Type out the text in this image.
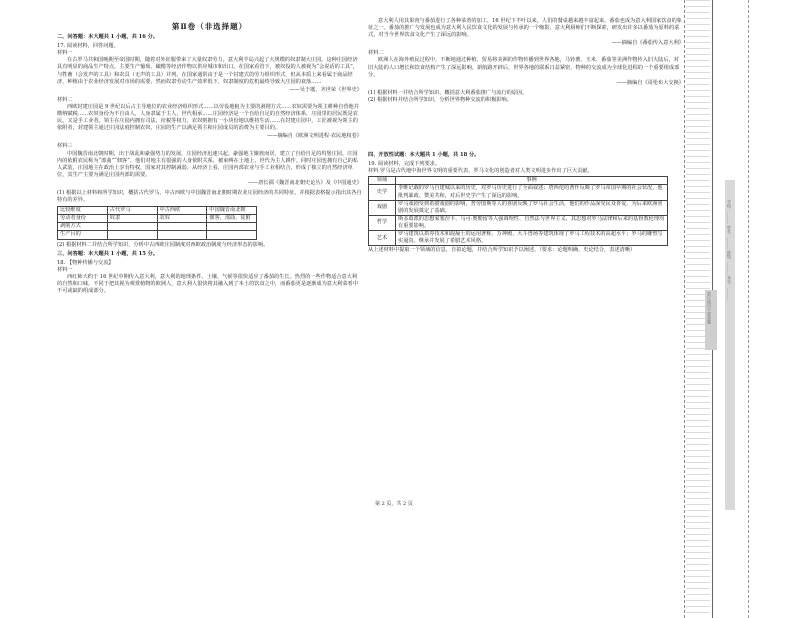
第Ⅱ卷（非选择题）
二、问答题：本大题共 1 小题，共 16 分。
17. 阅读材料，回答问题。
材料一
在古罗马共和国晚期至帝国时期，随着对外征服带来了大量奴隶劳力，意大利半岛兴起了大规模的奴隶制大庄园。这种庄园经济具有明显的商品生产特点，主要生产葡萄、橄榄等经济作物以供应城市和出口。在国家看管下，被奴役的人被视为“会说话的工具”，与牲畜（会发声的工具）和农具（无声的工具）并列。在国家通常由于是一个封建式的劳力组织形式，但从本质上来看属于商品经济，种植由于农业经济发展对市场的需要，然而奴隶劳动生产效率低下，奴隶制度的危机最终导致大庄园的衰落……
——吴于廑、齐世荣《世界史》
材料二
西欧封建庄园是 9 世纪以后占主导地位的农业经济组织形式……以劳役地租为主要的剥削方式……农奴需要为领主耕种自营地并缴纳赋税……农奴身份为不自由人，人身隶属于主人，世代相承……庄园经济是一个自给自足的自然经济体系，庄园里的居民既是农民，又是手工业者。领主在庄园内拥有司法、征税等权力，农奴则拥有一小块份地以维持生活……在封建庄园中，工匠被视为领主的依附者，封建领主通过庄园法庭控制农奴，庄园的生产以满足领主和庄园成员的消费为主要目的。
——摘编自《欧洲文明进程·农民地权卷》
材料三
中国魏晋南北朝时期，出于战乱和豪强势力的发展，庄园经济迅速兴起。豪强地主聚族而居，建立了自给自足的坞堡庄园。庄园内的依附农民称为“部曲”“佃客”，他们对地主有很强的人身依附关系，被束缚在土地上，世代为主人耕作。同时庄园也拥有自己的私人武装，庄园地主在政治上享有特权，国家对其控制减弱。从经济上看，庄园内部农业与手工业相结合，形成了独立的自然经济单位，其生产主要为满足庄园内部的需要。
——唐长孺《魏晋南北朝史论丛》及《中国通史》
(1) 根据以上材料和所学知识，概括古代罗马、中古西欧与中国魏晋南北朝时期农业庄园经济的共同特征，并根据表格提示指出其各自特有的差异。
比较维度	古代罗马	中古西欧	中国魏晋南北朝
劳动者身份	奴隶	农奴	佃客、部曲、徒附
剥削方式			
生产目的			
(2) 根据材料二并结合所学知识，分析中古西欧庄园制度对西欧政治制度与经济形态的影响。
三、问答题：本大题共 1 小题，共 15 分。
18. 【物种传播与交流】
材料一
西红柿大约于 16 世纪中期传入意大利，意大利的地理条件、土壤、气候等很快适应了番茄的生长。热烈的一些作物适合意大利的自然和口味，不同于把其视为观赏植物的欧洲人，意大利人很快将其融入到了本土的饮食之中，而番茄更是逐渐成为意大利菜肴中不可或缺的组成部分。
意大利人用其果肉与番茄进行了各种菜肴的加工，16 世纪下半叶以来，人们的餐桌越来越丰富起来，番茄也成为意大利国家饮食的象征之一。番茄的推广与发展也成为意大利人民饮食文化的发展与传承的一个缩影，意大利厨师们不断探索，研发出许多以番茄为原料的菜式，对当今世界饮食文化产生了深远的影响。
——摘编自《番茄传入意大利》
材料二
欧洲人在海外殖民过程中，不断地通过种植、贸易将美洲的作物传播到世界各地，马铃薯、玉米、番茄等美洲作物传入旧大陆后，对旧大陆的人口增长和饮食结构产生了深远影响。新航路开辟后，世界各地的联系日益紧密，物种的交流成为全球化进程的一个重要组成部分。
——摘编自《哥伦布大交换》
(1) 根据材料一并结合所学知识，概括意大利番茄推广与流行的原因。
(2) 根据材料并结合所学知识，分析世界物种交流的积极影响。
四、开放性试题：本大题共 1 小题，共 18 分。
19. 阅读材料，完成下列要求。
材料 罗马是古代地中海世界文明的重要代表，罗马文化的创造者对人类文明进步作出了巨大贡献。
领域	事例
史学	李维记载的罗马自建城以来的历史，对罗马历史进行了全面叙述；塔西佗的著作反映了罗马帝国早期的社会状况，他批判暴政、赞美共和，对后世史学产生了深远的影响。
戏剧	罗马戏剧受到希腊戏剧的影响，普劳图斯等人的喜剧反映了罗马社会生活，他们的作品深受民众喜爱，为后来欧洲喜剧的发展奠定了基础。
哲学	斯多葛派的思想家塞涅卡、马可·奥勒留等人强调理性、自然法与世界主义，其思想对罗马法律和后来的基督教伦理均有重要影响。
艺术	罗马建筑以拱券技术和混凝土的运用著称，万神殿、大斗兽场等建筑体现了罗马工程技术的高超水平；罗马的雕塑写实逼真，继承并发展了希腊艺术风格。
从上述材料中提取一个领域的信息，自拟论题，并结合所学知识予以阐述。（要求：论题明确，史论结合，表述清晰）
第 2 页，共 2 页
装订线内不要答题
学校：＿＿＿ 姓名：＿＿＿ 班级：＿＿＿ 考号：＿＿＿
